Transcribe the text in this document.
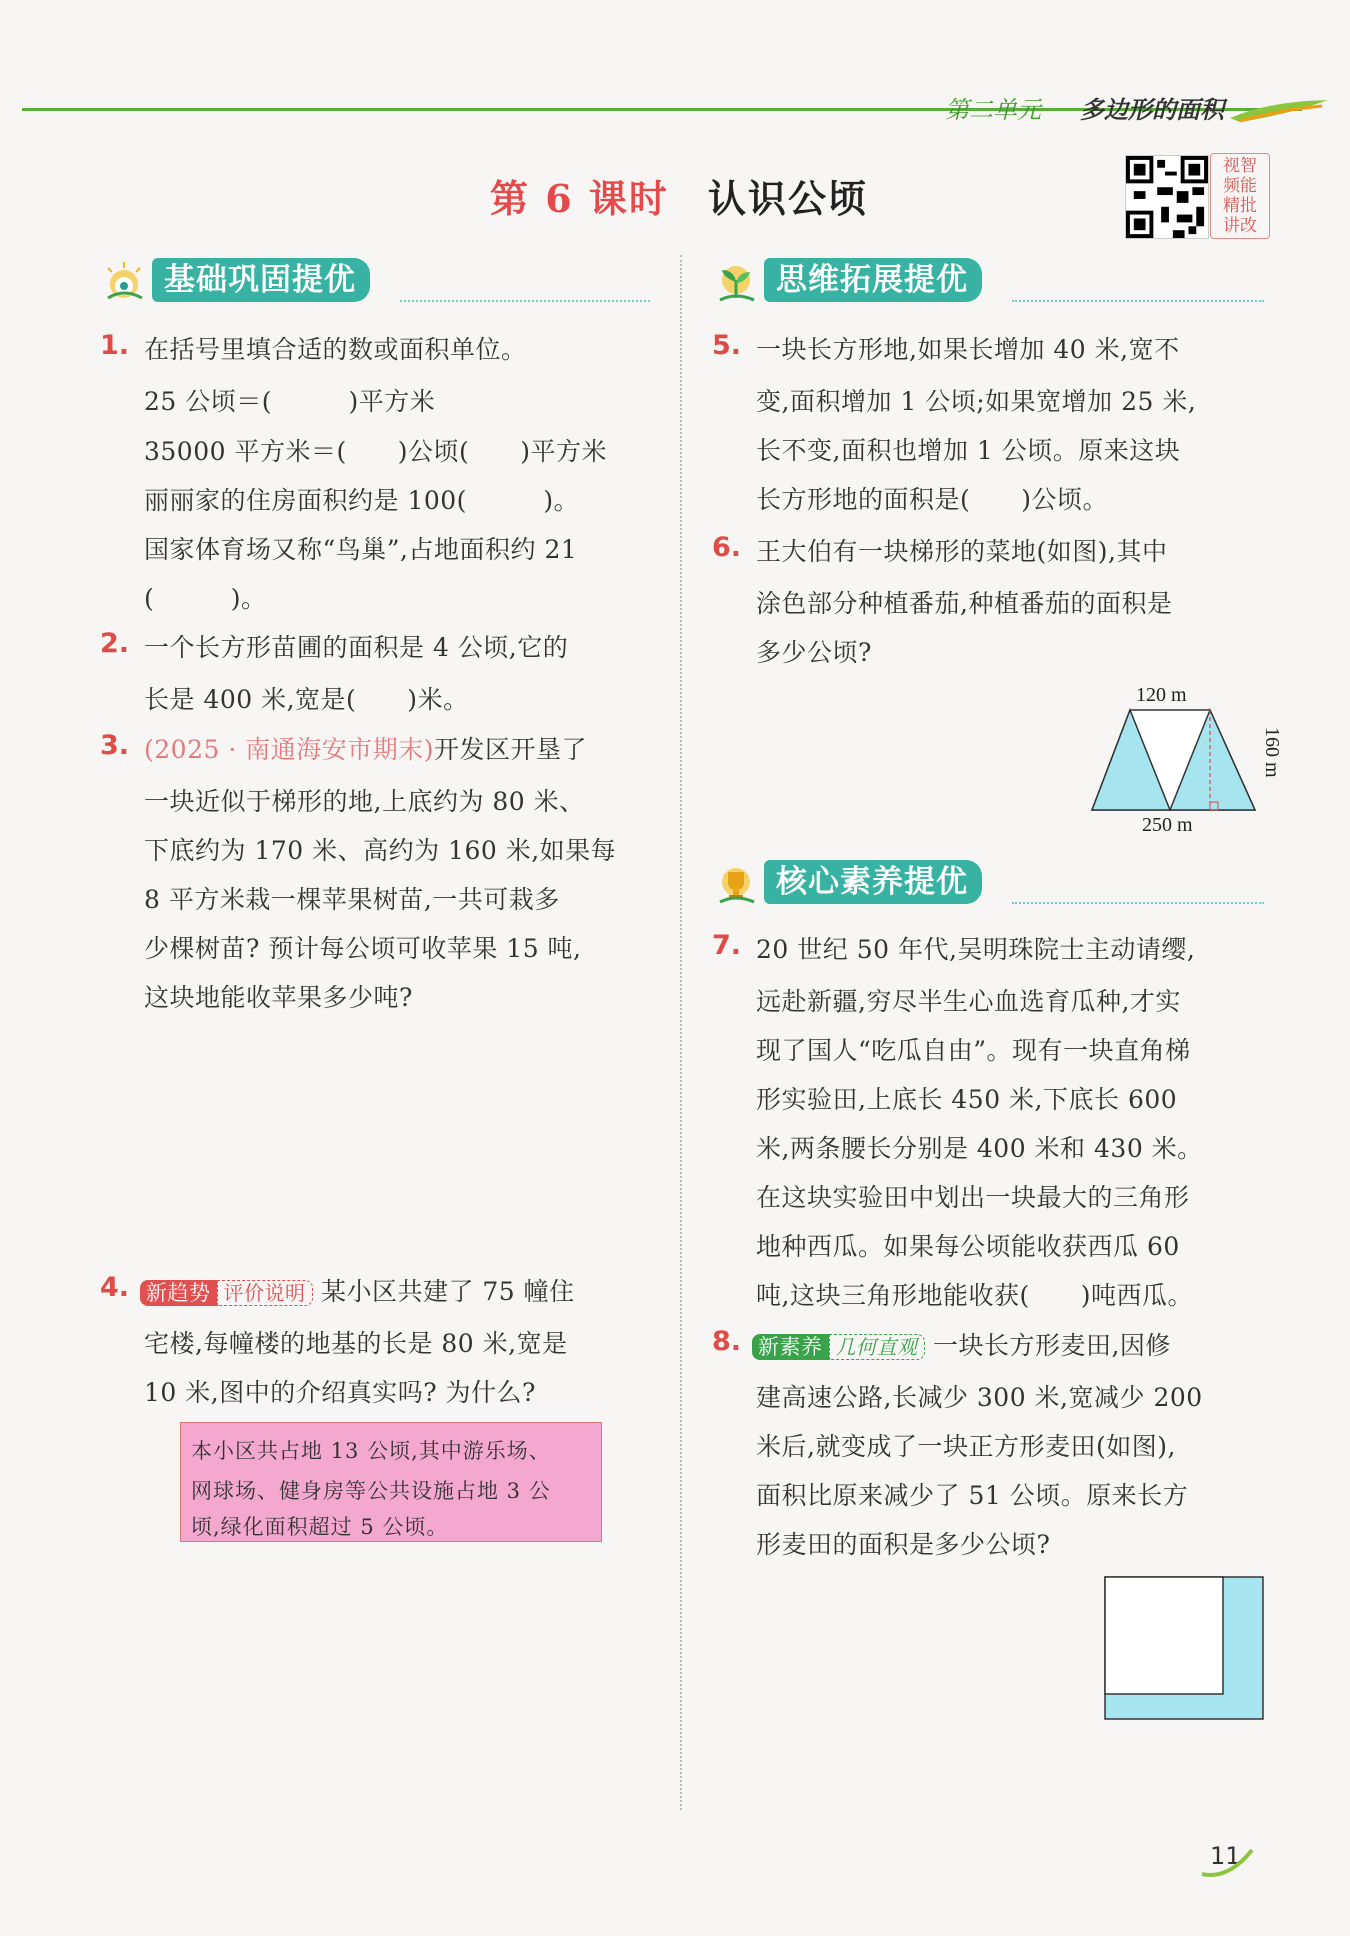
第二单元 多边形的面积
第 6 课时 认识公顷
视智
频能
精批
讲改
基础巩固提优	思维拓展提优
核心素养提优
1. 在括号里填合适的数或面积单位。
25 公顷＝(　　　)平方米
35000 平方米＝(　　)公顷(　　)平方米
丽丽家的住房面积约是 100(　　　)。
国家体育场又称“鸟巢”,占地面积约 21
(　　　)。
2. 一个长方形苗圃的面积是 4 公顷,它的
长是 400 米,宽是(　　)米。
3. (2025 · 南通海安市期末)开发区开垦了
一块近似于梯形的地,上底约为 80 米、
下底约为 170 米、高约为 160 米,如果每
8 平方米栽一棵苹果树苗,一共可栽多
少棵树苗? 预计每公顷可收苹果 15 吨,
这块地能收苹果多少吨?
4. 新趋势 评价说明 某小区共建了 75 幢住
宅楼,每幢楼的地基的长是 80 米,宽是
10 米,图中的介绍真实吗? 为什么?
本小区共占地 13 公顷,其中游乐场、
网球场、健身房等公共设施占地 3 公
顷,绿化面积超过 5 公顷。
5. 一块长方形地,如果长增加 40 米,宽不
变,面积增加 1 公顷;如果宽增加 25 米,
长不变,面积也增加 1 公顷。原来这块
长方形地的面积是(　　)公顷。
6. 王大伯有一块梯形的菜地(如图),其中
涂色部分种植番茄,种植番茄的面积是
多少公顷?
120 m
250 m
160 m
7. 20 世纪 50 年代,吴明珠院士主动请缨,
远赴新疆,穷尽半生心血选育瓜种,才实
现了国人“吃瓜自由”。现有一块直角梯
形实验田,上底长 450 米,下底长 600
米,两条腰长分别是 400 米和 430 米。
在这块实验田中划出一块最大的三角形
地种西瓜。如果每公顷能收获西瓜 60
吨,这块三角形地能收获(　　)吨西瓜。
8. 新素养 几何直观 一块长方形麦田,因修
建高速公路,长减少 300 米,宽减少 200
米后,就变成了一块正方形麦田(如图),
面积比原来减少了 51 公顷。原来长方
形麦田的面积是多少公顷?
11
